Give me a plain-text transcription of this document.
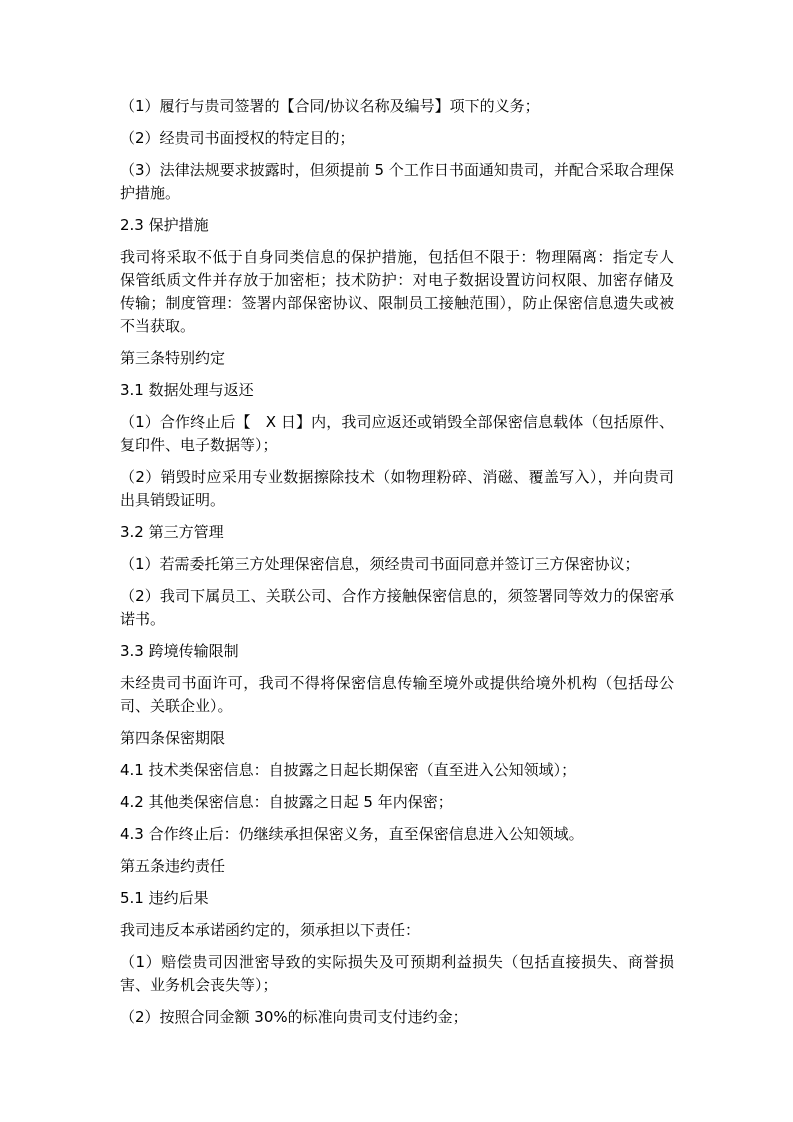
（1）履行与贵司签署的【合同/协议名称及编号】项下的义务；

（2）经贵司书面授权的特定目的；

（3）法律法规要求披露时，但须提前 5 个工作日书面通知贵司，并配合采取合理保护措施。

2.3 保护措施

我司将采取不低于自身同类信息的保护措施，包括但不限于：物理隔离：指定专人保管纸质文件并存放于加密柜；技术防护：对电子数据设置访问权限、加密存储及传输；制度管理：签署内部保密协议、限制员工接触范围），防止保密信息遗失或被不当获取。

第三条特别约定

3.1 数据处理与返还

（1）合作终止后【　X 日】内，我司应返还或销毁全部保密信息载体（包括原件、复印件、电子数据等）；

（2）销毁时应采用专业数据擦除技术（如物理粉碎、消磁、覆盖写入），并向贵司出具销毁证明。

3.2 第三方管理

（1）若需委托第三方处理保密信息，须经贵司书面同意并签订三方保密协议；

（2）我司下属员工、关联公司、合作方接触保密信息的，须签署同等效力的保密承诺书。

3.3 跨境传输限制

未经贵司书面许可，我司不得将保密信息传输至境外或提供给境外机构（包括母公司、关联企业）。

第四条保密期限

4.1 技术类保密信息：自披露之日起长期保密（直至进入公知领域）；

4.2 其他类保密信息：自披露之日起 5 年内保密；

4.3 合作终止后：仍继续承担保密义务，直至保密信息进入公知领域。

第五条违约责任

5.1 违约后果

我司违反本承诺函约定的，须承担以下责任：

（1）赔偿贵司因泄密导致的实际损失及可预期利益损失（包括直接损失、商誉损害、业务机会丧失等）；

（2）按照合同金额 30%的标准向贵司支付违约金；
